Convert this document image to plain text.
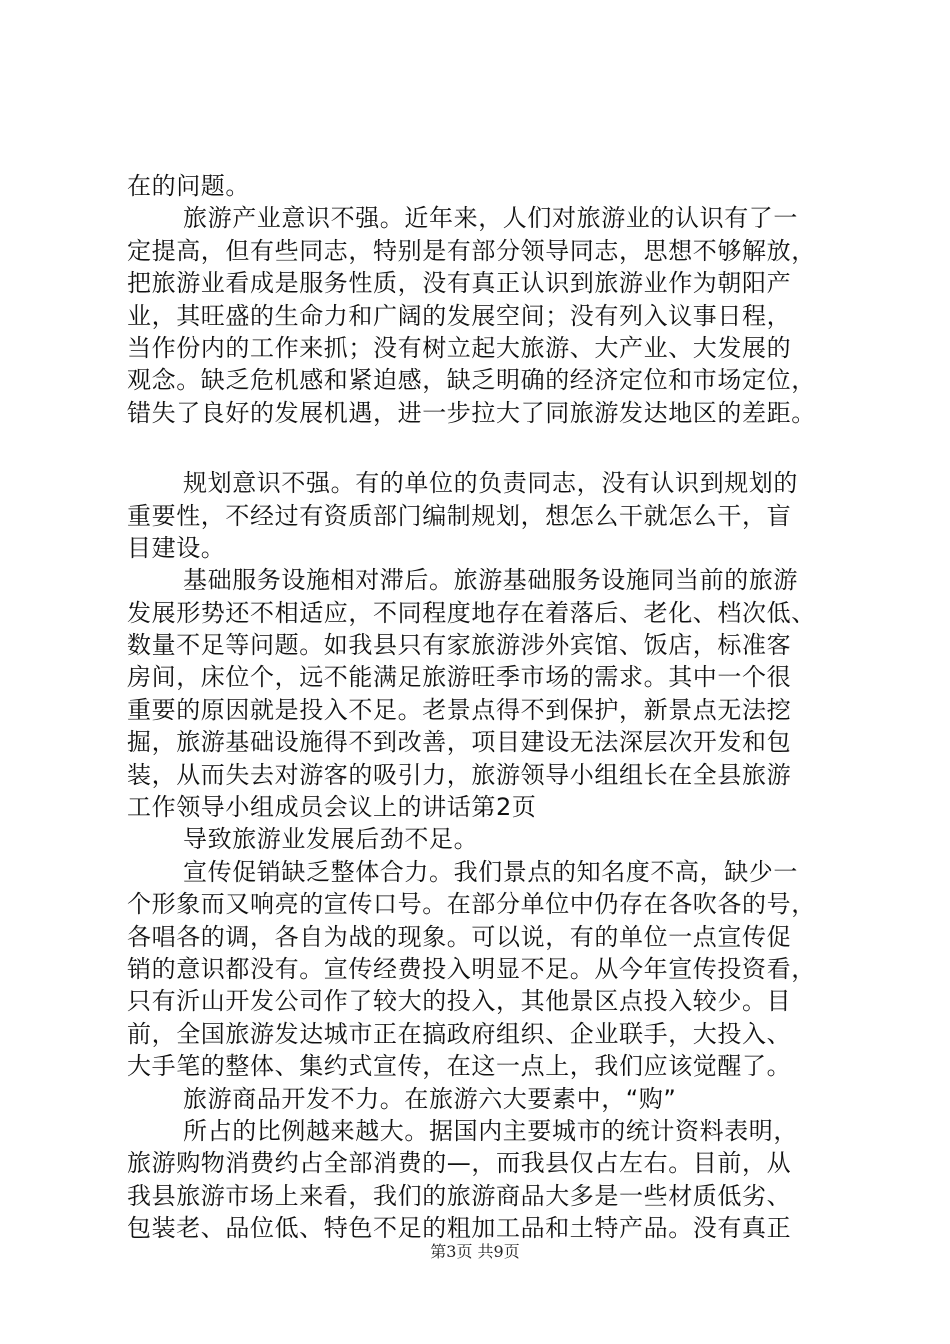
在的问题。
旅游产业意识不强。近年来，人们对旅游业的认识有了一
定提高，但有些同志，特别是有部分领导同志，思想不够解放，
把旅游业看成是服务性质，没有真正认识到旅游业作为朝阳产
业，其旺盛的生命力和广阔的发展空间；没有列入议事日程，
当作份内的工作来抓；没有树立起大旅游、大产业、大发展的
观念。缺乏危机感和紧迫感，缺乏明确的经济定位和市场定位，
错失了良好的发展机遇，进一步拉大了同旅游发达地区的差距。
规划意识不强。有的单位的负责同志，没有认识到规划的
重要性，不经过有资质部门编制规划，想怎么干就怎么干，盲
目建设。
基础服务设施相对滞后。旅游基础服务设施同当前的旅游
发展形势还不相适应，不同程度地存在着落后、老化、档次低、
数量不足等问题。如我县只有家旅游涉外宾馆、饭店，标准客
房间，床位个，远不能满足旅游旺季市场的需求。其中一个很
重要的原因就是投入不足。老景点得不到保护，新景点无法挖
掘，旅游基础设施得不到改善，项目建设无法深层次开发和包
装，从而失去对游客的吸引力，旅游领导小组组长在全县旅游
工作领导小组成员会议上的讲话第2页
导致旅游业发展后劲不足。
宣传促销缺乏整体合力。我们景点的知名度不高，缺少一
个形象而又响亮的宣传口号。在部分单位中仍存在各吹各的号，
各唱各的调，各自为战的现象。可以说，有的单位一点宣传促
销的意识都没有。宣传经费投入明显不足。从今年宣传投资看，
只有沂山开发公司作了较大的投入，其他景区点投入较少。目
前，全国旅游发达城市正在搞政府组织、企业联手，大投入、
大手笔的整体、集约式宣传，在这一点上，我们应该觉醒了。
旅游商品开发不力。在旅游六大要素中，“购”
所占的比例越来越大。据国内主要城市的统计资料表明，
旅游购物消费约占全部消费的—，而我县仅占左右。目前，从
我县旅游市场上来看，我们的旅游商品大多是一些材质低劣、
包装老、品位低、特色不足的粗加工品和土特产品。没有真正
第3页 共9页
